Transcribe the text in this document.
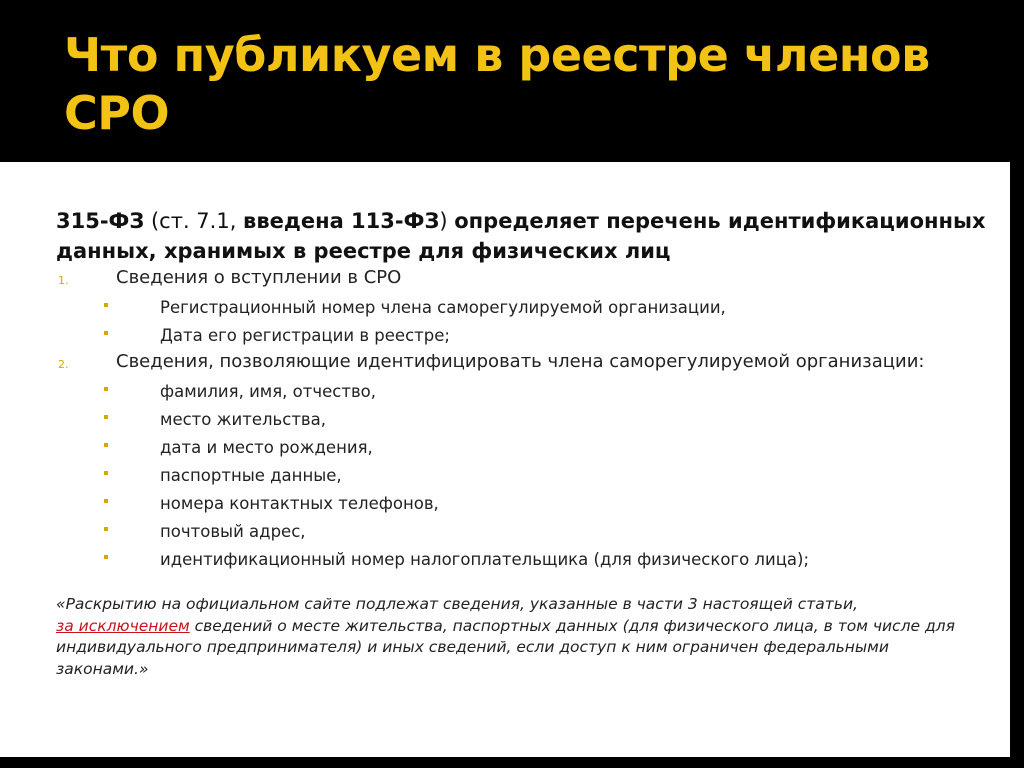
Что публикуем в реестре членов СРО

315-ФЗ (ст. 7.1, введена 113-ФЗ) определяет перечень идентификационных данных, хранимых в реестре для физических лиц

1.	Сведения о вступлении в СРО
Регистрационный номер члена саморегулируемой организации,
Дата его регистрации в реестре;
2.	Сведения, позволяющие идентифицировать члена саморегулируемой организации:
фамилия, имя, отчество,
место жительства,
дата и место рождения,
паспортные данные,
номера контактных телефонов,
почтовый адрес,
идентификационный номер налогоплательщика (для физического лица);

«Раскрытию на официальном сайте подлежат сведения, указанные в части 3 настоящей статьи,
за исключением сведений о месте жительства, паспортных данных (для физического лица, в том числе для индивидуального предпринимателя) и иных сведений, если доступ к ним ограничен федеральными законами.»
